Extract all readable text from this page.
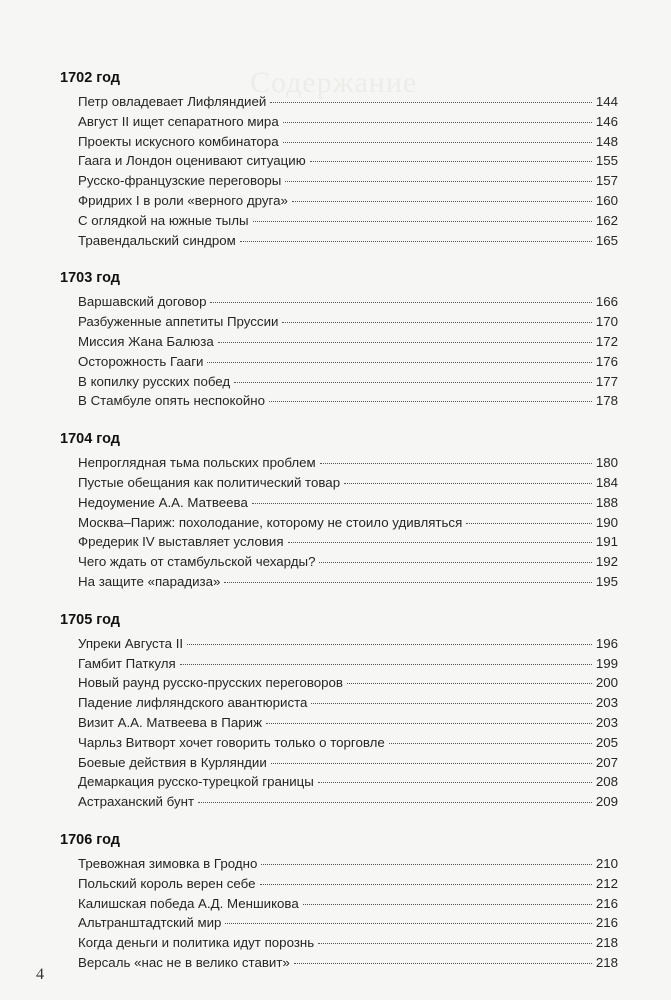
Содержание
1702 год
Петр овладевает Лифляндией	144
Август II ищет сепаратного мира	146
Проекты искусного комбинатора	148
Гаага и Лондон оценивают ситуацию	155
Русско-французские переговоры	157
Фридрих I в роли «верного друга»	160
С оглядкой на южные тылы	162
Травендальский синдром	165
1703 год
Варшавский договор	166
Разбуженные аппетиты Пруссии	170
Миссия Жана Балюза	172
Осторожность Гааги	176
В копилку русских побед	177
В Стамбуле опять неспокойно	178
1704 год
Непроглядная тьма польских проблем	180
Пустые обещания как политический товар	184
Недоумение А.А. Матвеева	188
Москва–Париж: похолодание, которому не стоило удивляться	190
Фредерик IV выставляет условия	191
Чего ждать от стамбульской чехарды?	192
На защите «парадиза»	195
1705 год
Упреки Августа II	196
Гамбит Паткуля	199
Новый раунд русско-прусских переговоров	200
Падение лифляндского авантюриста	203
Визит А.А. Матвеева в Париж	203
Чарльз Витворт хочет говорить только о торговле	205
Боевые действия в Курляндии	207
Демаркация русско-турецкой границы	208
Астраханский бунт	209
1706 год
Тревожная зимовка в Гродно	210
Польский король верен себе	212
Калишская победа А.Д. Меншикова	216
Альтранштадтский мир	216
Когда деньги и политика идут порознь	218
Версаль «нас не в велико ставит»	218
4
